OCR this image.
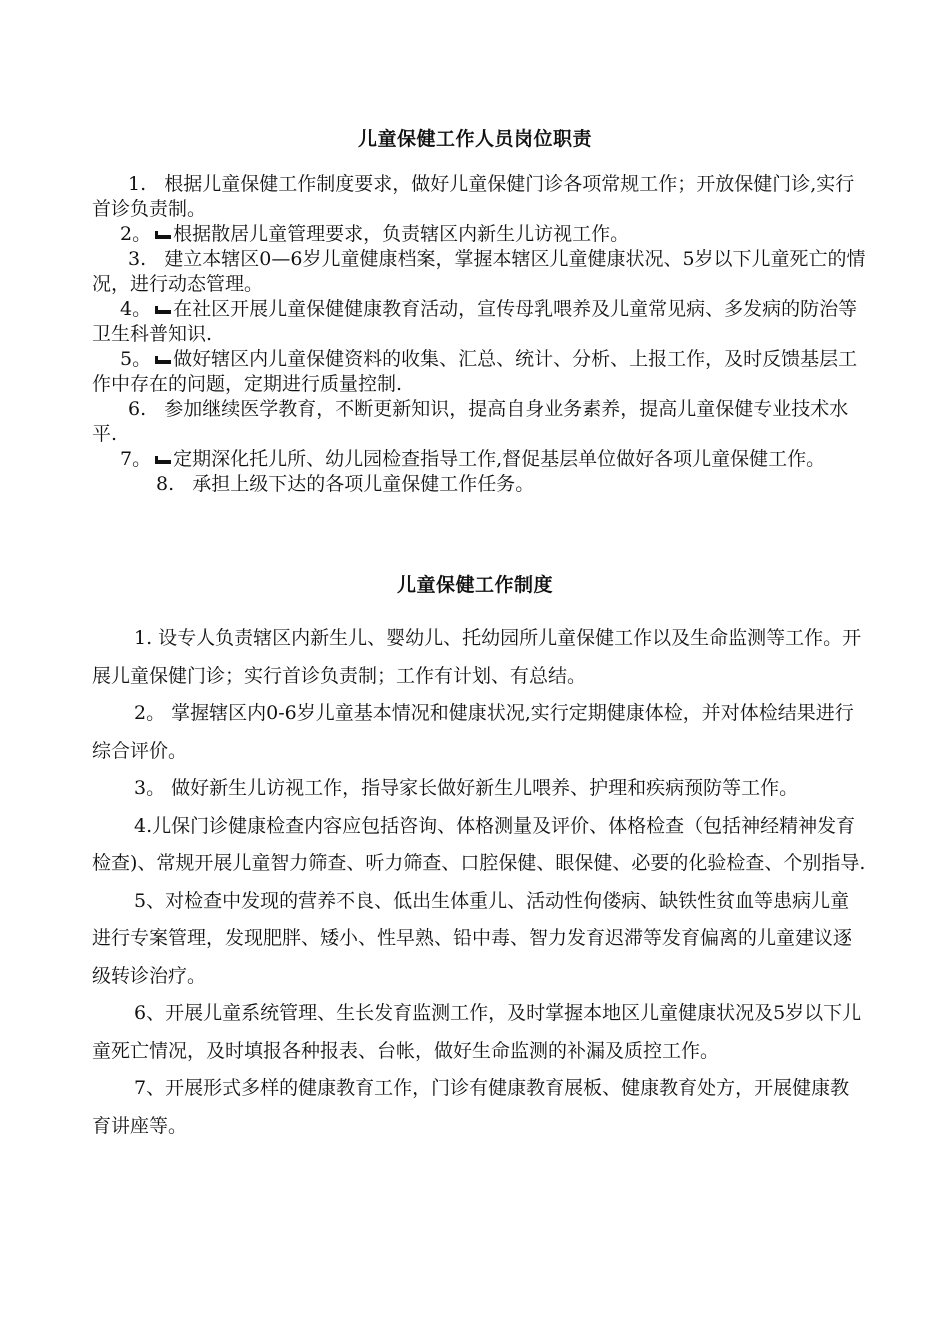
儿童保健工作人员岗位职责

1. 根据儿童保健工作制度要求，做好儿童保健门诊各项常规工作；开放保健门诊,实行首诊负责制。

2。 根据散居儿童管理要求，负责辖区内新生儿访视工作。

3. 建立本辖区0—6岁儿童健康档案，掌握本辖区儿童健康状况、5岁以下儿童死亡的情况，进行动态管理。

4。 在社区开展儿童保健健康教育活动，宣传母乳喂养及儿童常见病、多发病的防治等卫生科普知识.

5。 做好辖区内儿童保健资料的收集、汇总、统计、分析、上报工作，及时反馈基层工作中存在的问题，定期进行质量控制.

6. 参加继续医学教育，不断更新知识，提高自身业务素养，提高儿童保健专业技术水平.

7。 定期深化托儿所、幼儿园检查指导工作,督促基层单位做好各项儿童保健工作。

8. 承担上级下达的各项儿童保健工作任务。

儿童保健工作制度

1. 设专人负责辖区内新生儿、婴幼儿、托幼园所儿童保健工作以及生命监测等工作。开展儿童保健门诊；实行首诊负责制；工作有计划、有总结。

2。 掌握辖区内0-6岁儿童基本情况和健康状况,实行定期健康体检，并对体检结果进行综合评价。

3。 做好新生儿访视工作，指导家长做好新生儿喂养、护理和疾病预防等工作。

4.儿保门诊健康检查内容应包括咨询、体格测量及评价、体格检查（包括神经精神发育检查)、常规开展儿童智力筛查、听力筛查、口腔保健、眼保健、必要的化验检查、个别指导.

5、对检查中发现的营养不良、低出生体重儿、活动性佝偻病、缺铁性贫血等患病儿童进行专案管理，发现肥胖、矮小、性早熟、铅中毒、智力发育迟滞等发育偏离的儿童建议逐级转诊治疗。

6、开展儿童系统管理、生长发育监测工作，及时掌握本地区儿童健康状况及5岁以下儿童死亡情况，及时填报各种报表、台帐，做好生命监测的补漏及质控工作。

7、开展形式多样的健康教育工作，门诊有健康教育展板、健康教育处方，开展健康教育讲座等。
